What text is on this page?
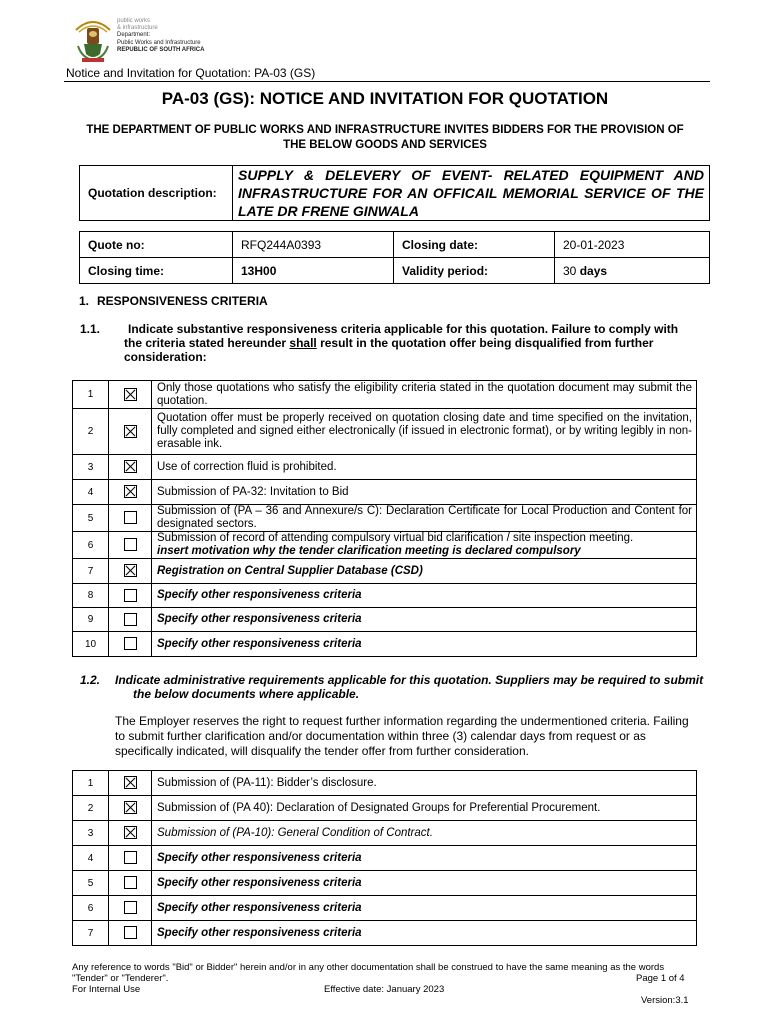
public works
& infrastructure
Department:
Public Works and Infrastructure
REPUBLIC OF SOUTH AFRICA
Notice and Invitation for Quotation: PA-03 (GS)
PA-03 (GS): NOTICE AND INVITATION FOR QUOTATION
THE DEPARTMENT OF PUBLIC WORKS AND INFRASTRUCTURE INVITES BIDDERS FOR THE PROVISION OF THE BELOW GOODS AND SERVICES
Quotation description:	SUPPLY & DELEVERY OF EVENT- RELATED EQUIPMENT AND INFRASTRUCTURE FOR AN OFFICAIL MEMORIAL SERVICE OF THE LATE DR FRENE GINWALA
Quote no:	RFQ244A0393	Closing date:	20-01-2023
Closing time:	13H00	Validity period:	30 days
1. RESPONSIVENESS CRITERIA
1.1.	Indicate substantive responsiveness criteria applicable for this quotation. Failure to comply with the criteria stated hereunder shall result in the quotation offer being disqualified from further consideration:
1		Only those quotations who satisfy the eligibility criteria stated in the quotation document may submit the quotation.

2		Quotation offer must be properly received on quotation closing date and time specified on the invitation, fully completed and signed either electronically (if issued in electronic format), or by writing legibly in non-erasable ink.

3		Use of correction fluid is prohibited.

4		Submission of PA-32: Invitation to Bid

5		Submission of (PA – 36 and Annexure/s C): Declaration Certificate for Local Production and Content for designated sectors.

6		Submission of record of attending compulsory virtual bid clarification / site inspection meeting.
insert motivation why the tender clarification meeting is declared compulsory

7		Registration on Central Supplier Database (CSD)

8		Specify other responsiveness criteria

9		Specify other responsiveness criteria

10		Specify other responsiveness criteria
1.2. Indicate administrative requirements applicable for this quotation. Suppliers may be required to submit the below documents where applicable.
The Employer reserves the right to request further information regarding the undermentioned criteria. Failing to submit further clarification and/or documentation within three (3) calendar days from request or as specifically indicated, will disqualify the tender offer from further consideration.
1		Submission of (PA-11): Bidder’s disclosure.

2		Submission of (PA 40): Declaration of Designated Groups for Preferential Procurement.

3		Submission of (PA-10): General Condition of Contract.

4		Specify other responsiveness criteria

5		Specify other responsiveness criteria

6		Specify other responsiveness criteria

7		Specify other responsiveness criteria
Any reference to words "Bid" or Bidder" herein and/or in any other documentation shall be construed to have the same meaning as the words "Tender" or "Tenderer".	Page 1 of 4
For Internal Use	Effective date: January 2023
Version:3.1
